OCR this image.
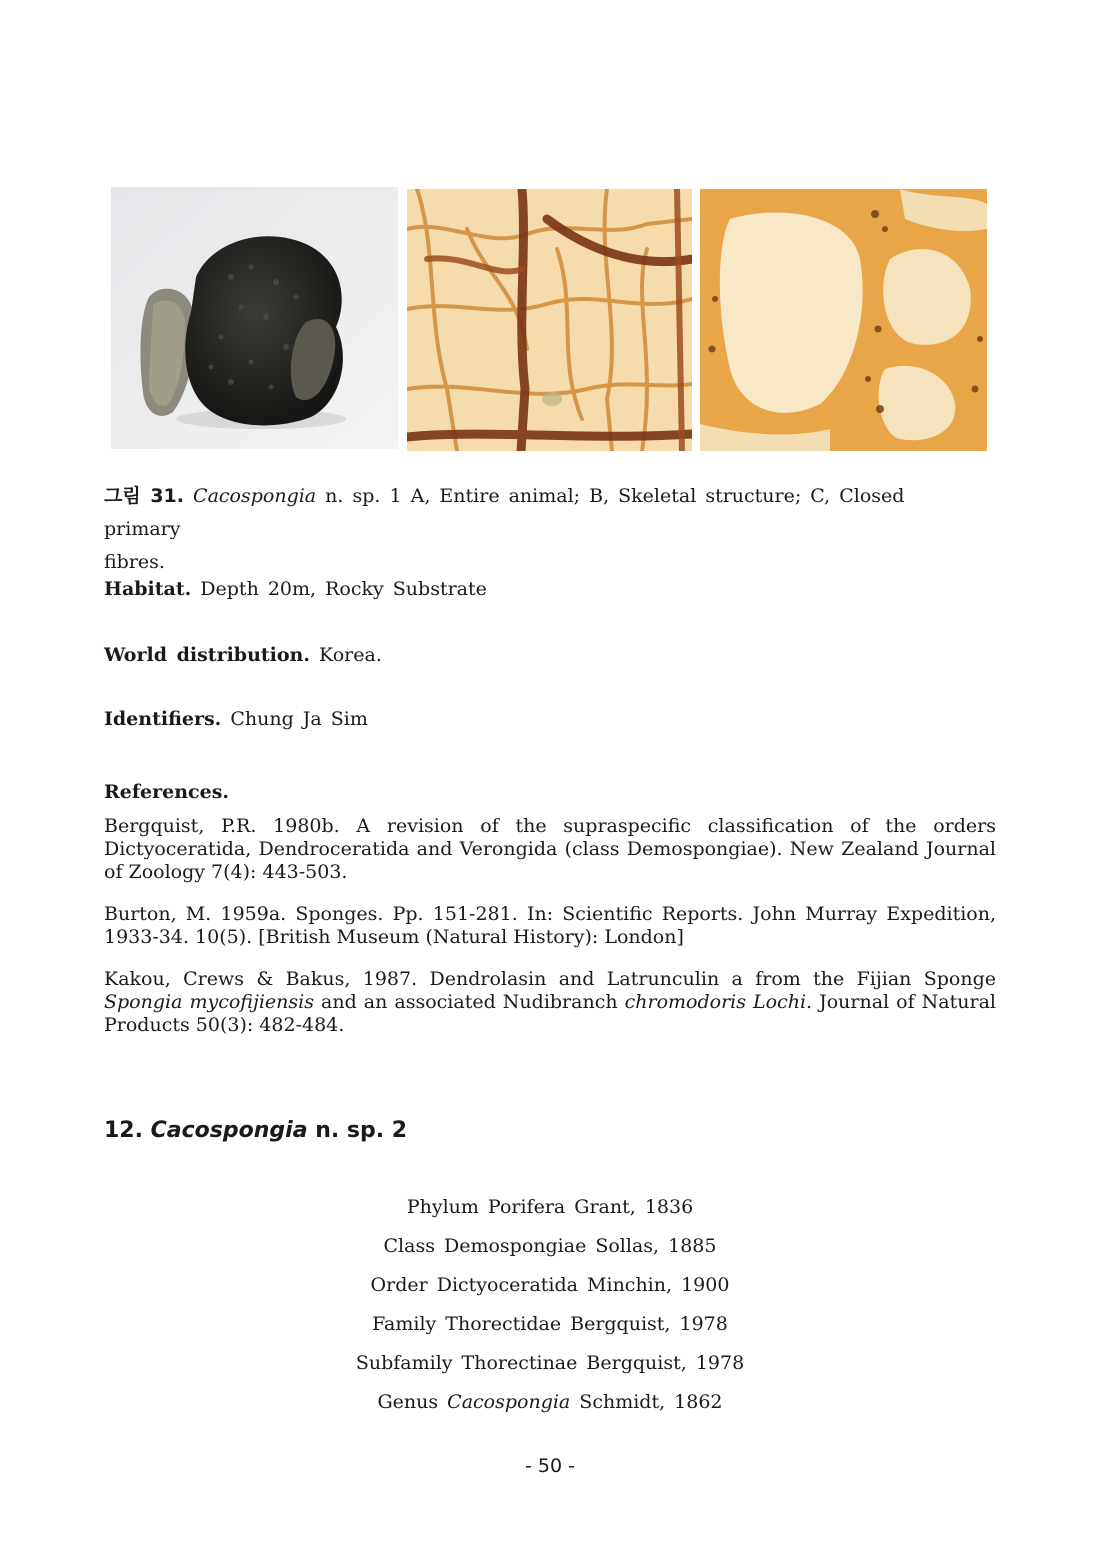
그림 31. Cacospongia n. sp. 1 A, Entire animal; B, Skeletal structure; C, Closed primary
fibres.
Habitat. Depth 20m, Rocky Substrate
World distribution. Korea.
Identifiers. Chung Ja Sim
References.
Bergquist, P.R. 1980b. A revision of the supraspecific classification of the orders Dictyoceratida, Dendroceratida and Verongida (class Demospongiae). New Zealand Journal of Zoology 7(4): 443-503.
Burton, M. 1959a. Sponges. Pp. 151-281. In: Scientific Reports. John Murray Expedition, 1933-34. 10(5). [British Museum (Natural History): London]
Kakou, Crews & Bakus, 1987. Dendrolasin and Latrunculin a from the Fijian Sponge Spongia mycofijiensis and an associated Nudibranch chromodoris Lochi. Journal of Natural Products 50(3): 482-484.
12. Cacospongia n. sp. 2
Phylum Porifera Grant, 1836
Class Demospongiae Sollas, 1885
Order Dictyoceratida Minchin, 1900
Family Thorectidae Bergquist, 1978
Subfamily Thorectinae Bergquist, 1978
Genus Cacospongia Schmidt, 1862
- 50 -
